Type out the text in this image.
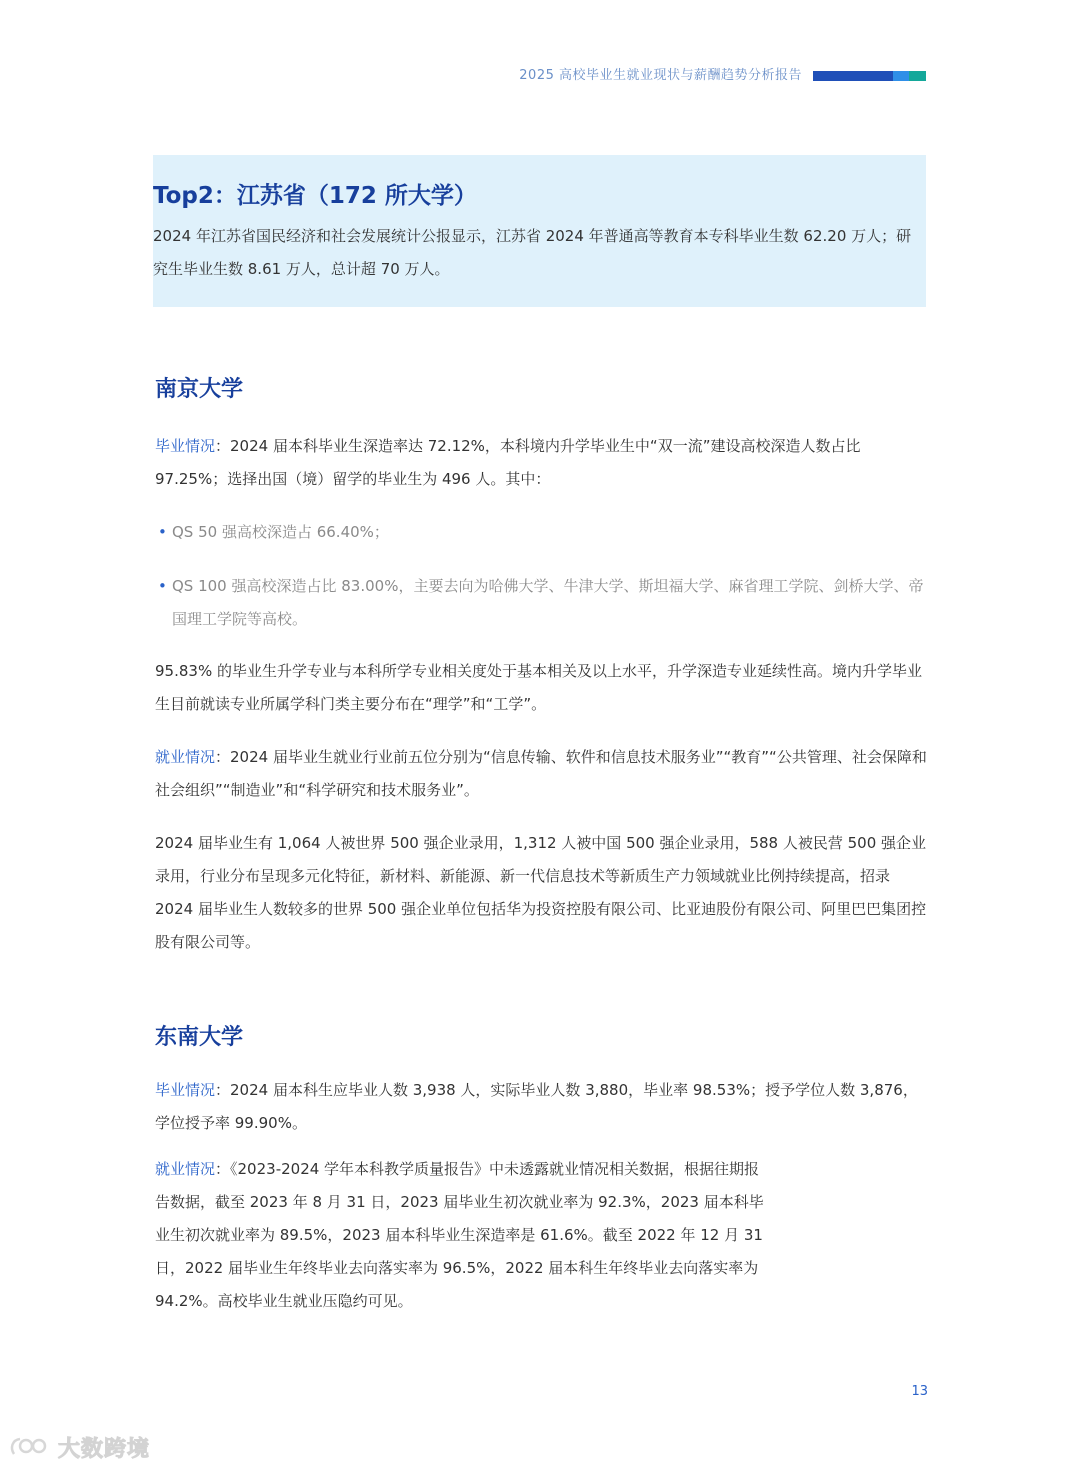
2025 高校毕业生就业现状与薪酬趋势分析报告
Top2：江苏省（172 所大学）

2024 年江苏省国民经济和社会发展统计公报显示，江苏省 2024 年普通高等教育本专科毕业生数 62.20 万人；研究生毕业生数 8.61 万人，总计超 70 万人。

南京大学

毕业情况：2024 届本科毕业生深造率达 72.12%，本科境内升学毕业生中“双一流”建设高校深造人数占比 97.25%；选择出国（境）留学的毕业生为 496 人。其中：

• QS 50 强高校深造占 66.40%；
• QS 100 强高校深造占比 83.00%，主要去向为哈佛大学、牛津大学、斯坦福大学、麻省理工学院、剑桥大学、帝国理工学院等高校。

95.83% 的毕业生升学专业与本科所学专业相关度处于基本相关及以上水平，升学深造专业延续性高。境内升学毕业生目前就读专业所属学科门类主要分布在“理学”和“工学”。

就业情况：2024 届毕业生就业行业前五位分别为“信息传输、软件和信息技术服务业”“教育”“公共管理、社会保障和社会组织”“制造业”和“科学研究和技术服务业”。

2024 届毕业生有 1,064 人被世界 500 强企业录用，1,312 人被中国 500 强企业录用，588 人被民营 500 强企业录用，行业分布呈现多元化特征，新材料、新能源、新一代信息技术等新质生产力领域就业比例持续提高，招录 2024 届毕业生人数较多的世界 500 强企业单位包括华为投资控股有限公司、比亚迪股份有限公司、阿里巴巴集团控股有限公司等。

东南大学

毕业情况：2024 届本科生应毕业人数 3,938 人，实际毕业人数 3,880，毕业率 98.53%；授予学位人数 3,876，学位授予率 99.90%。

就业情况：《2023-2024 学年本科教学质量报告》中未透露就业情况相关数据，根据往期报告数据，截至 2023 年 8 月 31 日，2023 届毕业生初次就业率为 92.3%，2023 届本科毕业生初次就业率为 89.5%，2023 届本科毕业生深造率是 61.6%。截至 2022 年 12 月 31 日，2022 届毕业生年终毕业去向落实率为 96.5%，2022 届本科生年终毕业去向落实率为 94.2%。高校毕业生就业压隐约可见。

13
大数跨境
